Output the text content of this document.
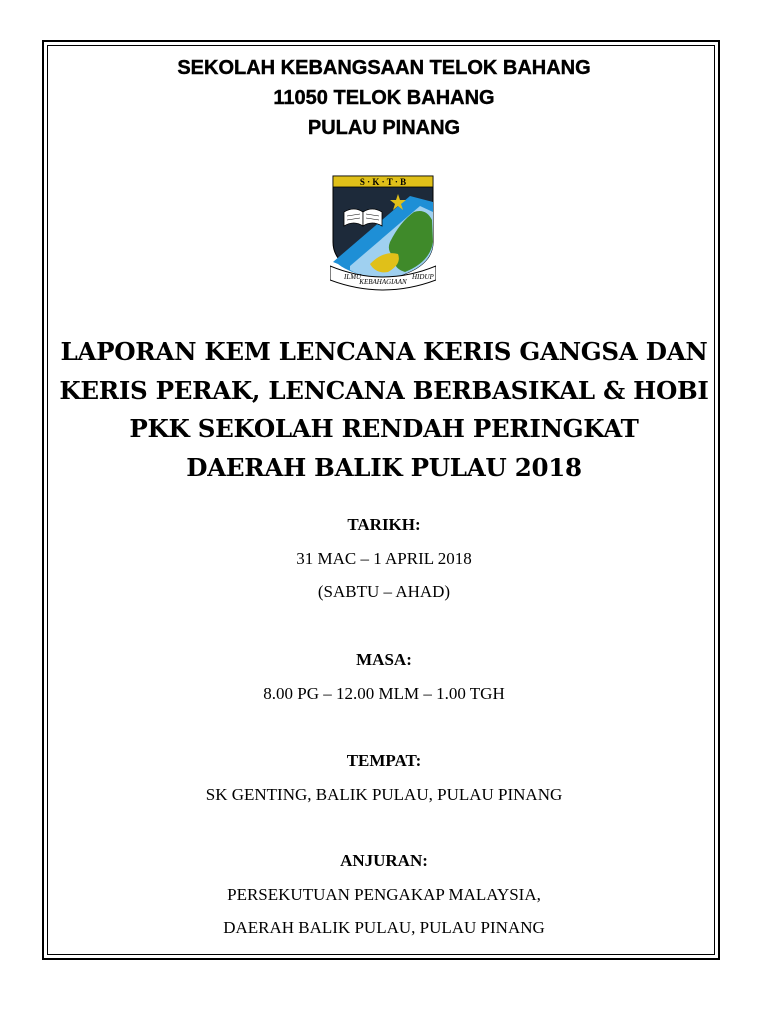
SEKOLAH KEBANGSAAN TELOK BAHANG
11050 TELOK BAHANG
PULAU PINANG
S · K · T · B
ILMU
KEBAHAGIAAN
HIDUP
LAPORAN KEM LENCANA KERIS GANGSA DAN
KERIS PERAK, LENCANA BERBASIKAL & HOBI
PKK SEKOLAH RENDAH PERINGKAT
DAERAH BALIK PULAU 2018
TARIKH:
31 MAC – 1 APRIL 2018
(SABTU – AHAD)
MASA:
8.00 PG – 12.00 MLM – 1.00 TGH
TEMPAT:
SK GENTING, BALIK PULAU, PULAU PINANG
ANJURAN:
PERSEKUTUAN PENGAKAP MALAYSIA,
DAERAH BALIK PULAU, PULAU PINANG
